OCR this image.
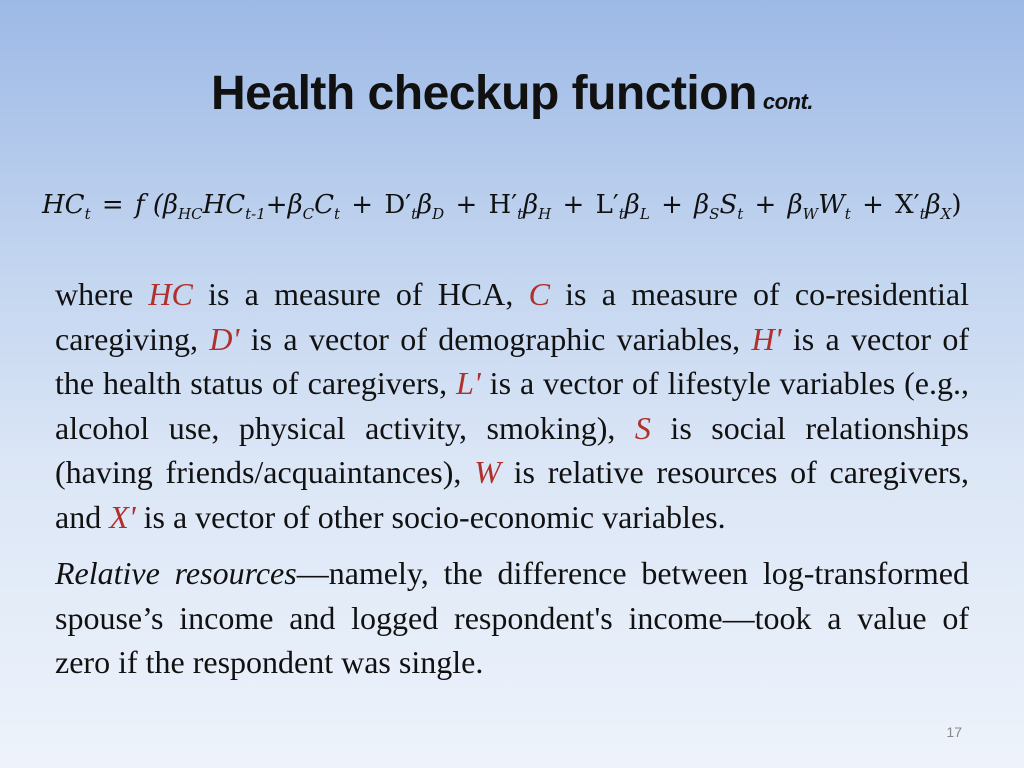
Health checkup function cont.
$HC_t = f$ $(\beta_{HC}HC_{t-1}+\beta_CC_t + D'_t\beta_D + H'_t\beta_H + L'_t\beta_L + \beta_SS_t + \beta_WW_t + X'_t\beta_X)$

where HC is a measure of HCA, C is a measure of co-residential caregiving, D' is a vector of demographic variables, H' is a vector of the health status of caregivers, L' is a vector of lifestyle variables (e.g., alcohol use, physical activity, smoking), S is social relationships (having friends/acquaintances), W is relative resources of caregivers, and X' is a vector of other socio-economic variables.

Relative resources—namely, the difference between log-transformed spouse’s income and logged respondent's income—took a value of zero if the respondent was single.

17
